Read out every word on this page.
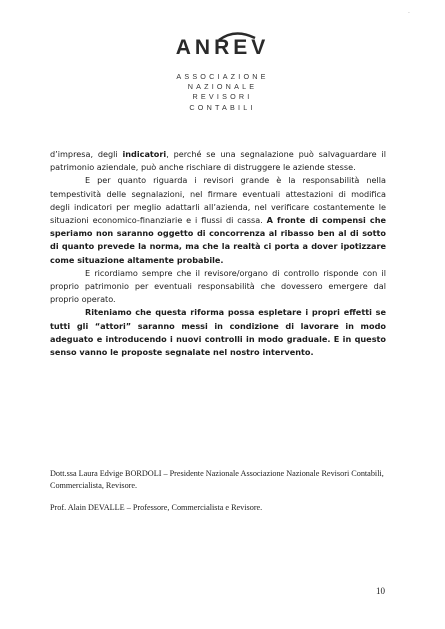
·
ANREV
ASSOCIAZIONE
NAZIONALE
REVISORI
CONTABILI

d’impresa, degli indicatori, perché se una segnalazione può salvaguardare il patrimonio aziendale, può anche rischiare di distruggere le aziende stesse.

E per quanto riguarda i revisori grande è la responsabilità nella tempestività delle segnalazioni, nel firmare eventuali attestazioni di modifica degli indicatori per meglio adattarli all’azienda, nel verificare costantemente le situazioni economico-finanziarie e i flussi di cassa. A fronte di compensi che speriamo non saranno oggetto di concorrenza al ribasso ben al di sotto di quanto prevede la norma, ma che la realtà ci porta a dover ipotizzare come situazione altamente probabile.

E ricordiamo sempre che il revisore/organo di controllo risponde con il proprio patrimonio per eventuali responsabilità che dovessero emergere dal proprio operato.

Riteniamo che questa riforma possa espletare i propri effetti se tutti gli “attori” saranno messi in condizione di lavorare in modo adeguato e introducendo i nuovi controlli in modo graduale. E in questo senso vanno le proposte segnalate nel nostro intervento.

Dott.ssa Laura Edvige BORDOLI – Presidente Nazionale Associazione Nazionale Revisori Contabili, Commercialista, Revisore.

Prof. Alain DEVALLE – Professore, Commercialista e Revisore.

10
